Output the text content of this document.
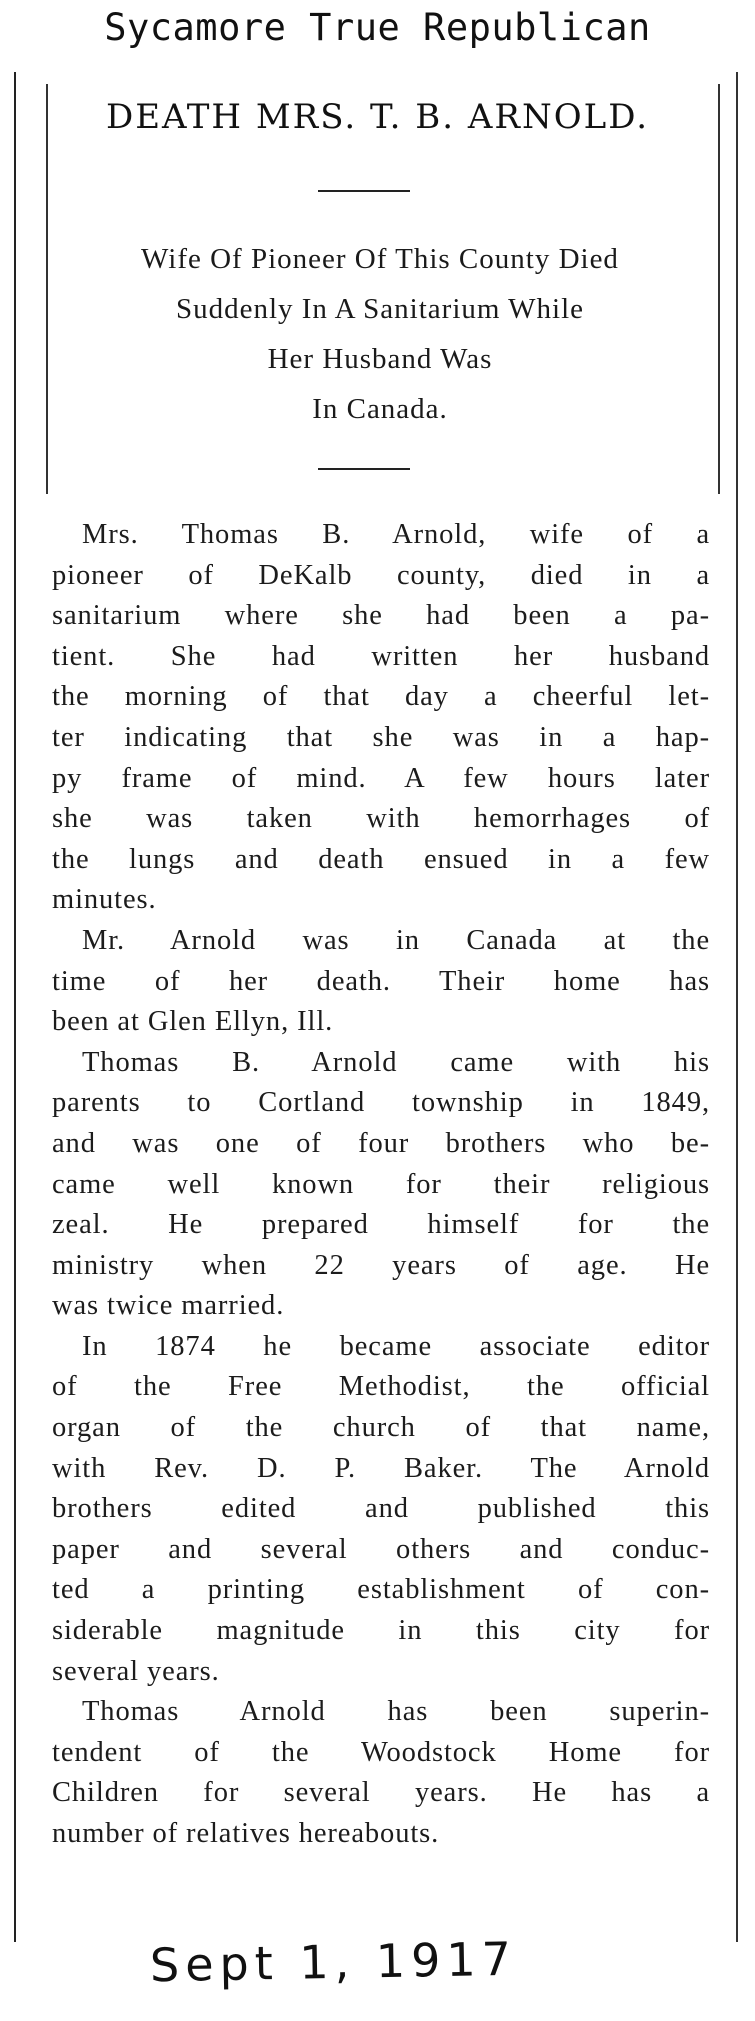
Sycamore True Republican
DEATH MRS. T. B. ARNOLD.
Wife Of Pioneer Of This County Died
Suddenly In A Sanitarium While
Her Husband Was
In Canada.
Mrs. Thomas B. Arnold, wife of a
pioneer of DeKalb county, died in a
sanitarium where she had been a pa-
tient. She had written her husband
the morning of that day a cheerful let-
ter indicating that she was in a hap-
py frame of mind. A few hours later
she was taken with hemorrhages of
the lungs and death ensued in a few
minutes.
Mr. Arnold was in Canada at the
time of her death. Their home has
been at Glen Ellyn, Ill.
Thomas B. Arnold came with his
parents to Cortland township in 1849,
and was one of four brothers who be-
came well known for their religious
zeal. He prepared himself for the
ministry when 22 years of age. He
was twice married.
In 1874 he became associate editor
of the Free Methodist, the official
organ of the church of that name,
with Rev. D. P. Baker. The Arnold
brothers edited and published this
paper and several others and conduc-
ted a printing establishment of con-
siderable magnitude in this city for
several years.
Thomas Arnold has been superin-
tendent of the Woodstock Home for
Children for several years. He has a
number of relatives hereabouts.
Sept 1, 1917
